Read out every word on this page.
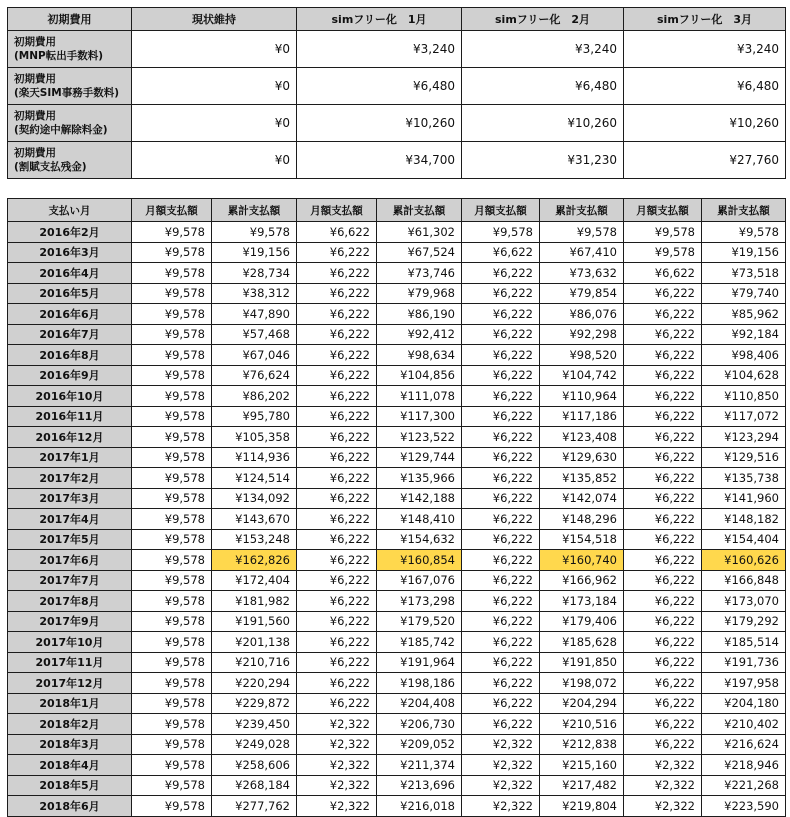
初期費用	現状維持	simフリー化　1月	simフリー化　2月	simフリー化　3月

初期費用
(MNP転出手数料)	¥0	¥3,240	¥3,240	¥3,240

初期費用
(楽天SIM事務手数料)	¥0	¥6,480	¥6,480	¥6,480

初期費用
(契約途中解除料金)	¥0	¥10,260	¥10,260	¥10,260

初期費用
(割賦支払残金)	¥0	¥34,700	¥31,230	¥27,760
支払い月	月額支払額	累計支払額	月額支払額	累計支払額	月額支払額	累計支払額	月額支払額	累計支払額
2016年2月	¥9,578	¥9,578	¥6,622	¥61,302	¥9,578	¥9,578	¥9,578	¥9,578
2016年3月	¥9,578	¥19,156	¥6,222	¥67,524	¥6,622	¥67,410	¥9,578	¥19,156
2016年4月	¥9,578	¥28,734	¥6,222	¥73,746	¥6,222	¥73,632	¥6,622	¥73,518
2016年5月	¥9,578	¥38,312	¥6,222	¥79,968	¥6,222	¥79,854	¥6,222	¥79,740
2016年6月	¥9,578	¥47,890	¥6,222	¥86,190	¥6,222	¥86,076	¥6,222	¥85,962
2016年7月	¥9,578	¥57,468	¥6,222	¥92,412	¥6,222	¥92,298	¥6,222	¥92,184
2016年8月	¥9,578	¥67,046	¥6,222	¥98,634	¥6,222	¥98,520	¥6,222	¥98,406
2016年9月	¥9,578	¥76,624	¥6,222	¥104,856	¥6,222	¥104,742	¥6,222	¥104,628
2016年10月	¥9,578	¥86,202	¥6,222	¥111,078	¥6,222	¥110,964	¥6,222	¥110,850
2016年11月	¥9,578	¥95,780	¥6,222	¥117,300	¥6,222	¥117,186	¥6,222	¥117,072
2016年12月	¥9,578	¥105,358	¥6,222	¥123,522	¥6,222	¥123,408	¥6,222	¥123,294
2017年1月	¥9,578	¥114,936	¥6,222	¥129,744	¥6,222	¥129,630	¥6,222	¥129,516
2017年2月	¥9,578	¥124,514	¥6,222	¥135,966	¥6,222	¥135,852	¥6,222	¥135,738
2017年3月	¥9,578	¥134,092	¥6,222	¥142,188	¥6,222	¥142,074	¥6,222	¥141,960
2017年4月	¥9,578	¥143,670	¥6,222	¥148,410	¥6,222	¥148,296	¥6,222	¥148,182
2017年5月	¥9,578	¥153,248	¥6,222	¥154,632	¥6,222	¥154,518	¥6,222	¥154,404
2017年6月	¥9,578	¥162,826	¥6,222	¥160,854	¥6,222	¥160,740	¥6,222	¥160,626
2017年7月	¥9,578	¥172,404	¥6,222	¥167,076	¥6,222	¥166,962	¥6,222	¥166,848
2017年8月	¥9,578	¥181,982	¥6,222	¥173,298	¥6,222	¥173,184	¥6,222	¥173,070
2017年9月	¥9,578	¥191,560	¥6,222	¥179,520	¥6,222	¥179,406	¥6,222	¥179,292
2017年10月	¥9,578	¥201,138	¥6,222	¥185,742	¥6,222	¥185,628	¥6,222	¥185,514
2017年11月	¥9,578	¥210,716	¥6,222	¥191,964	¥6,222	¥191,850	¥6,222	¥191,736
2017年12月	¥9,578	¥220,294	¥6,222	¥198,186	¥6,222	¥198,072	¥6,222	¥197,958
2018年1月	¥9,578	¥229,872	¥6,222	¥204,408	¥6,222	¥204,294	¥6,222	¥204,180
2018年2月	¥9,578	¥239,450	¥2,322	¥206,730	¥6,222	¥210,516	¥6,222	¥210,402
2018年3月	¥9,578	¥249,028	¥2,322	¥209,052	¥2,322	¥212,838	¥6,222	¥216,624
2018年4月	¥9,578	¥258,606	¥2,322	¥211,374	¥2,322	¥215,160	¥2,322	¥218,946
2018年5月	¥9,578	¥268,184	¥2,322	¥213,696	¥2,322	¥217,482	¥2,322	¥221,268
2018年6月	¥9,578	¥277,762	¥2,322	¥216,018	¥2,322	¥219,804	¥2,322	¥223,590
